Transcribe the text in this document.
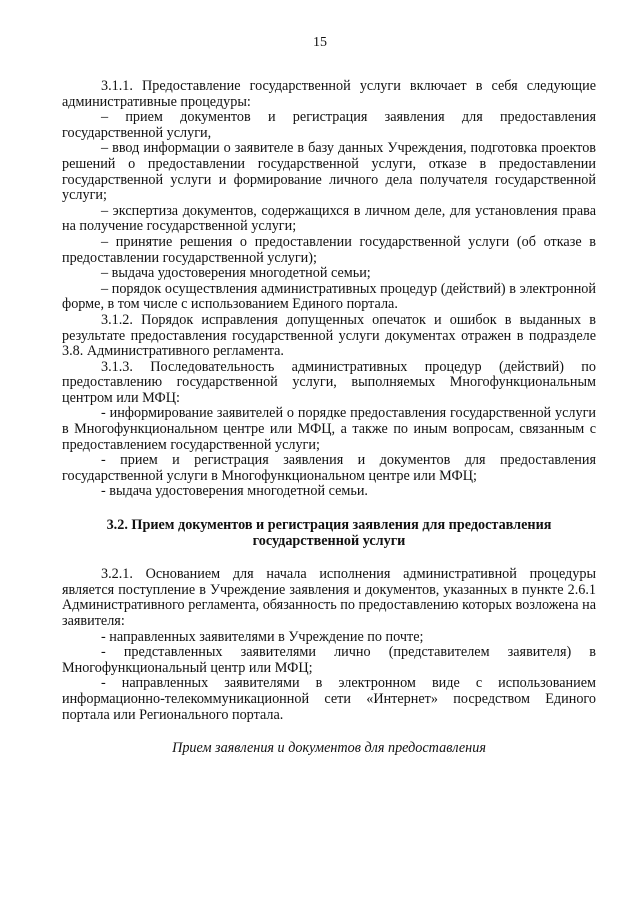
15

3.1.1. Предоставление государственной услуги включает в себя следующие административные процедуры:

– прием документов и регистрация заявления для предоставления государственной услуги,

– ввод информации о заявителе в базу данных Учреждения, подготовка проектов решений о предоставлении государственной услуги, отказе в предоставлении государственной услуги и формирование личного дела получателя государственной услуги;

– экспертиза документов, содержащихся в личном деле, для установления права на получение государственной услуги;

– принятие решения о предоставлении государственной услуги (об отказе в предоставлении государственной услуги);

– выдача удостоверения многодетной семьи;

– порядок осуществления административных процедур (действий) в электронной форме, в том числе с использованием Единого портала.

3.1.2. Порядок исправления допущенных опечаток и ошибок в выданных в результате предоставления государственной услуги документах отражен в подразделе 3.8. Административного регламента.

3.1.3. Последовательность административных процедур (действий) по предоставлению государственной услуги, выполняемых Многофункциональным центром или МФЦ:

- информирование заявителей о порядке предоставления государственной услуги в Многофункциональном центре или МФЦ, а также по иным вопросам, связанным с предоставлением государственной услуги;

- прием и регистрация заявления и документов для предоставления государственной услуги в Многофункциональном центре или МФЦ;

- выдача удостоверения многодетной семьи.

3.2. Прием документов и регистрация заявления для предоставления государственной услуги

3.2.1. Основанием для начала исполнения административной процедуры является поступление в Учреждение заявления и документов, указанных в пункте 2.6.1 Административного регламента, обязанность по предоставлению которых возложена на заявителя:

- направленных заявителями в Учреждение по почте;

- представленных заявителями лично (представителем заявителя) в Многофункциональный центр или МФЦ;

- направленных заявителями в электронном виде с использованием информационно-телекоммуникационной сети «Интернет» посредством Единого портала или Регионального портала.

Прием заявления и документов для предоставления
